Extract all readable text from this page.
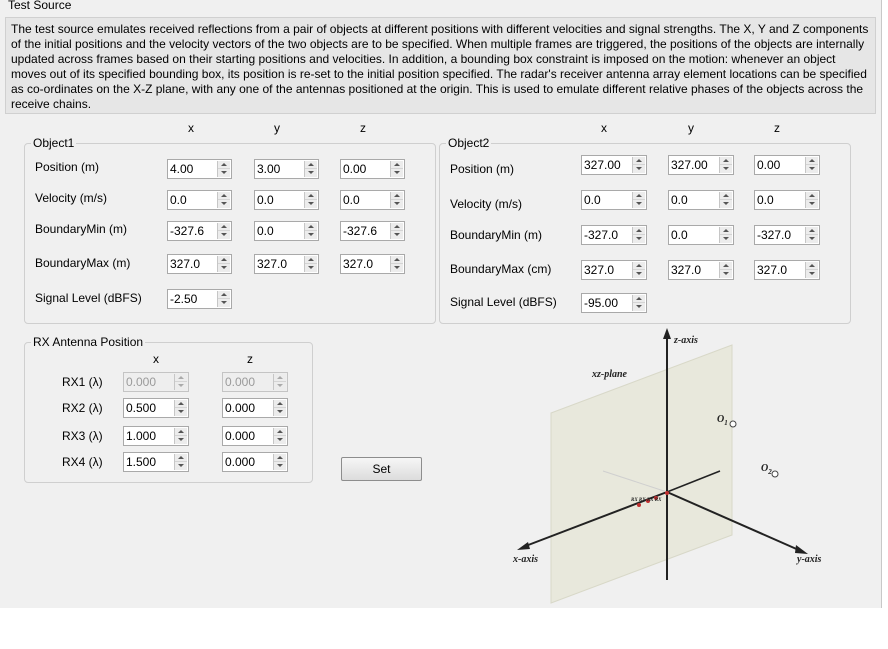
Test Source
The test source emulates received reflections from a pair of objects at different positions with different velocities and signal strengths. The X, Y and Z components of the initial positions and the velocity vectors of the two objects are to be specified. When multiple frames are triggered, the positions of the objects are internally updated across frames based on their starting positions and velocities. In addition, a bounding box constraint is imposed on the motion: whenever an object moves out of its specified bounding box, its position is re-set to the initial position specified. The radar's receiver antenna array element locations can be specified as co-ordinates on the X-Z plane, with any one of the antennas positioned at the origin. This is used to emulate different relative phases of the objects across the receive chains.
x	y	z
Object1
Position (m)	4.00	3.00	0.00
Velocity (m/s)	0.0	0.0	0.0
BoundaryMin (m)	-327.6	0.0	-327.6
BoundaryMax (m)	327.0	327.0	327.0
Signal Level (dBFS) -2.50
x	y	z
Object2
Position (m)	327.00	327.00	0.00
Velocity (m/s)	0.0	0.0	0.0
BoundaryMin (m)	-327.0	0.0	-327.0
BoundaryMax (cm)	327.0	327.0	327.0
Signal Level (dBFS) -95.00
RX Antenna Position
x	z
RX1 (λ) 0.000	0.000
RX2 (λ) 0.500	0.000
RX3 (λ) 1.000	0.000
RX4 (λ) 1.500	0.000	Set
RX RX RX RX
z-axis
x-axis	y-axis
xz-plane
$O_1$
$O_2$
